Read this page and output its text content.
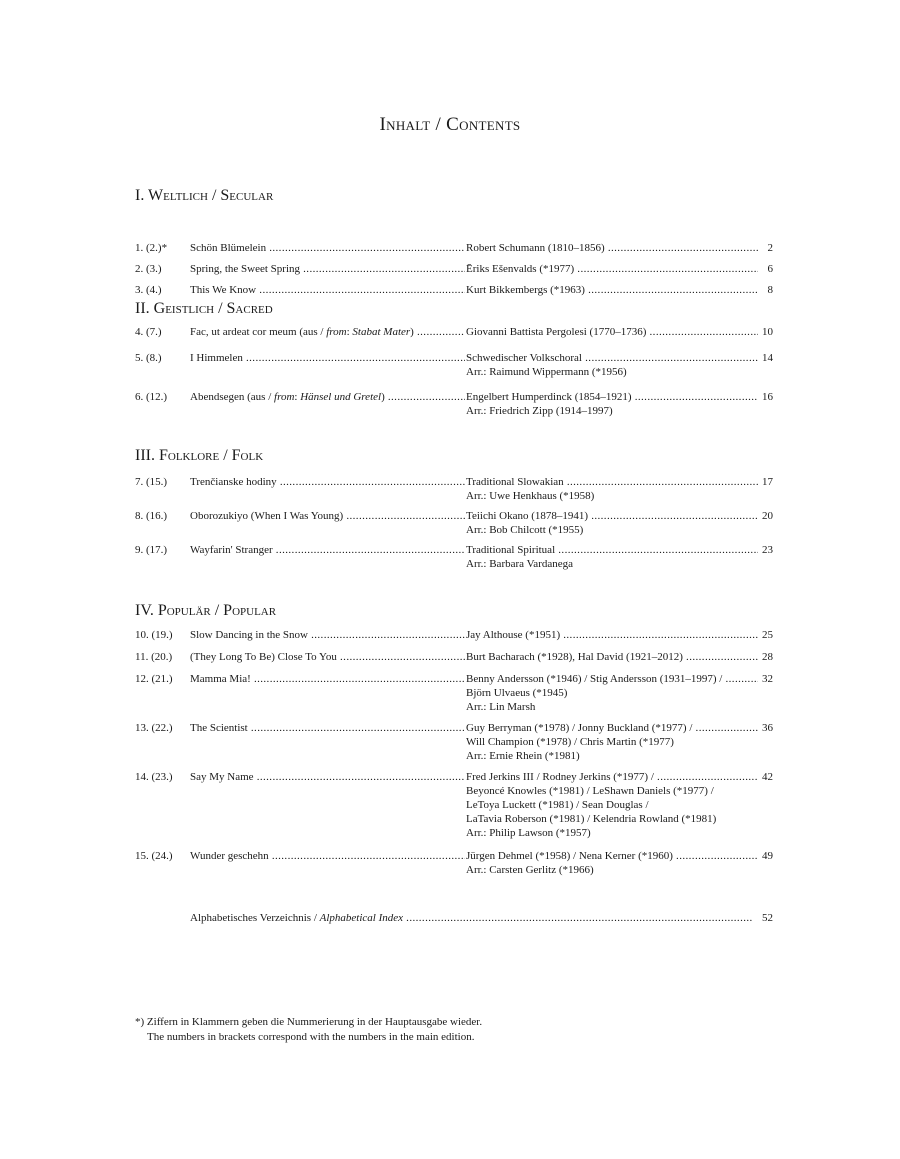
Inhalt / Contents
I. Weltlich / Secular
1. (2.)* Schön Blümelein .....	Robert Schumann (1810–1856) .....	2
2. (3.)	Spring, the Sweet Spring .....	Ēriks Ešenvalds (*1977) .....	6
3. (4.)	This We Know .....	Kurt Bikkembergs (*1963) .....	8
II. Geistlich / Sacred
4. (7.)	Fac, ut ardeat cor meum (aus / from: Stabat Mater) .....	Giovanni Battista Pergolesi (1770–1736) .....	10
5. (8.)	I Himmelen .....	Schwedischer Volkschoral .....	14
Arr.: Raimund Wippermann (*1956)
6. (12.) Abendsegen (aus / from: Hänsel und Gretel) .....	Engelbert Humperdinck (1854–1921) .....	16
Arr.: Friedrich Zipp (1914–1997)
III. Folklore / Folk
7. (15.) Trenčianske hodiny .....	Traditional Slowakian .....	17
Arr.: Uwe Henkhaus (*1958)
8. (16.) Oborozukiyo (When I Was Young) .....	Teiichi Okano (1878–1941) .....	20
Arr.: Bob Chilcott (*1955)
9. (17.) Wayfarin' Stranger .....	Traditional Spiritual .....	23
Arr.: Barbara Vardanega
IV. Populär / Popular
10. (19.) Slow Dancing in the Snow .....	Jay Althouse (*1951) .....	25
11. (20.) (They Long To Be) Close To You .....	Burt Bacharach (*1928), Hal David (1921–2012) .....	28
12. (21.) Mamma Mia! .....	Benny Andersson (*1946) / Stig Andersson (1931–1997) / .....	32
Björn Ulvaeus (*1945)
Arr.: Lin Marsh
13. (22.) The Scientist .....	Guy Berryman (*1978) / Jonny Buckland (*1977) / .....	36
Will Champion (*1978) / Chris Martin (*1977)
Arr.: Ernie Rhein (*1981)
14. (23.) Say My Name .....	Fred Jerkins III / Rodney Jerkins (*1977) / .....	42
Beyoncé Knowles (*1981) / LeShawn Daniels (*1977) /
LeToya Luckett (*1981) / Sean Douglas /
LaTavia Roberson (*1981) / Kelendria Rowland (*1981)
Arr.: Philip Lawson (*1957)
15. (24.) Wunder geschehn .....	Jürgen Dehmel (*1958) / Nena Kerner (*1960) .....	49
Arr.: Carsten Gerlitz (*1966)
Alphabetisches Verzeichnis / Alphabetical Index .....	52
*) Ziffern in Klammern geben die Nummerierung in der Hauptausgabe wieder.
The numbers in brackets correspond with the numbers in the main edition.
